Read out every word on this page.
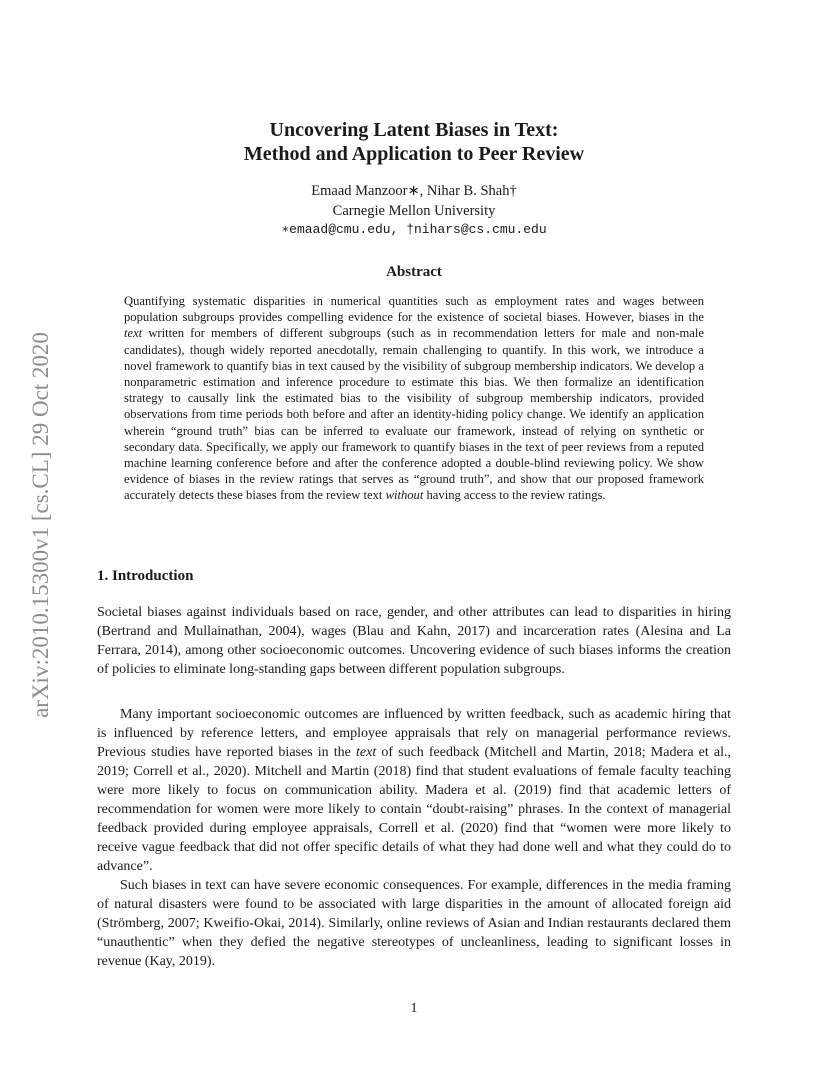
arXiv:2010.15300v1 [cs.CL] 29 Oct 2020
Uncovering Latent Biases in Text:
Method and Application to Peer Review
Emaad Manzoor∗, Nihar B. Shah†
Carnegie Mellon University
∗emaad@cmu.edu, †nihars@cs.cmu.edu
Abstract
Quantifying systematic disparities in numerical quantities such as employment rates and wages between population subgroups provides compelling evidence for the existence of societal biases. However, biases in the text written for members of different subgroups (such as in recommendation letters for male and non-male candidates), though widely reported anecdotally, remain challenging to quantify. In this work, we introduce a novel framework to quantify bias in text caused by the visibility of subgroup membership indicators. We develop a nonparametric estimation and inference procedure to estimate this bias. We then formalize an identification strategy to causally link the estimated bias to the visibility of subgroup membership indicators, provided observations from time periods both before and after an identity-hiding policy change. We identify an application wherein “ground truth” bias can be inferred to evaluate our framework, instead of relying on synthetic or secondary data. Specifically, we apply our framework to quantify biases in the text of peer reviews from a reputed machine learning conference before and after the conference adopted a double-blind reviewing policy. We show evidence of biases in the review ratings that serves as “ground truth”, and show that our proposed framework accurately detects these biases from the review text without having access to the review ratings.
1. Introduction

Societal biases against individuals based on race, gender, and other attributes can lead to disparities in hiring (Bertrand and Mullainathan, 2004), wages (Blau and Kahn, 2017) and incarceration rates (Alesina and La Ferrara, 2014), among other socioeconomic outcomes. Uncovering evidence of such biases informs the creation of policies to eliminate long-standing gaps between different population subgroups.

Many important socioeconomic outcomes are influenced by written feedback, such as academic hiring that is influenced by reference letters, and employee appraisals that rely on managerial performance reviews. Previous studies have reported biases in the text of such feedback (Mitchell and Martin, 2018; Madera et al., 2019; Correll et al., 2020). Mitchell and Martin (2018) find that student evaluations of female faculty teaching were more likely to focus on communication ability. Madera et al. (2019) find that academic letters of recommendation for women were more likely to contain “doubt-raising” phrases. In the context of managerial feedback provided during employee appraisals, Correll et al. (2020) find that “women were more likely to receive vague feedback that did not offer specific details of what they had done well and what they could do to advance”.

Such biases in text can have severe economic consequences. For example, differences in the media framing of natural disasters were found to be associated with large disparities in the amount of allocated foreign aid (Strömberg, 2007; Kweifio-Okai, 2014). Similarly, online reviews of Asian and Indian restaurants declared them “unauthentic” when they defied the negative stereotypes of uncleanliness, leading to significant losses in revenue (Kay, 2019).

1
